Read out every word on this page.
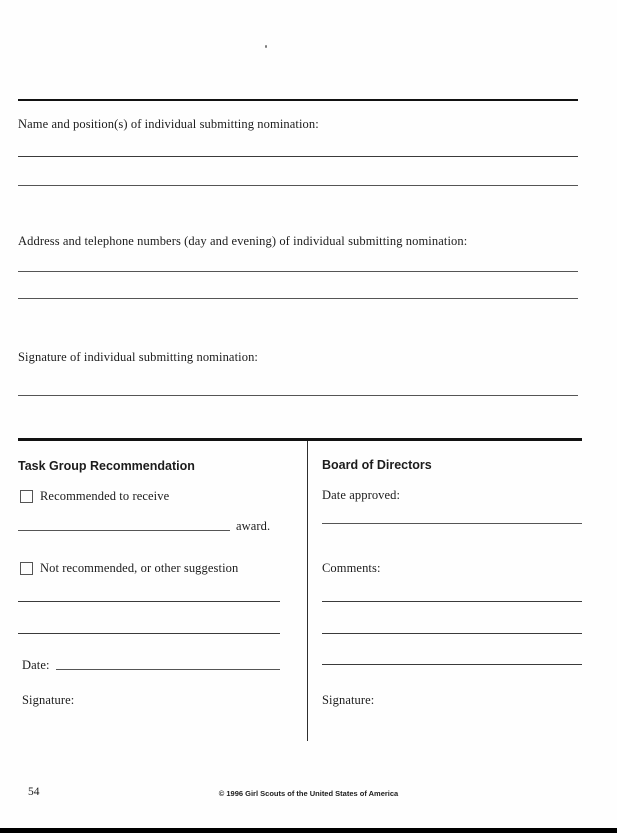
Name and position(s) of individual submitting nomination:
Address and telephone numbers (day and evening) of individual submitting nomination:
Signature of individual submitting nomination:
Task Group Recommendation
Recommended to receive
award.
Not recommended, or other suggestion
Date:
Signature:
Board of Directors
Date approved:
Comments:
Signature:
54	© 1996 Girl Scouts of the United States of America
